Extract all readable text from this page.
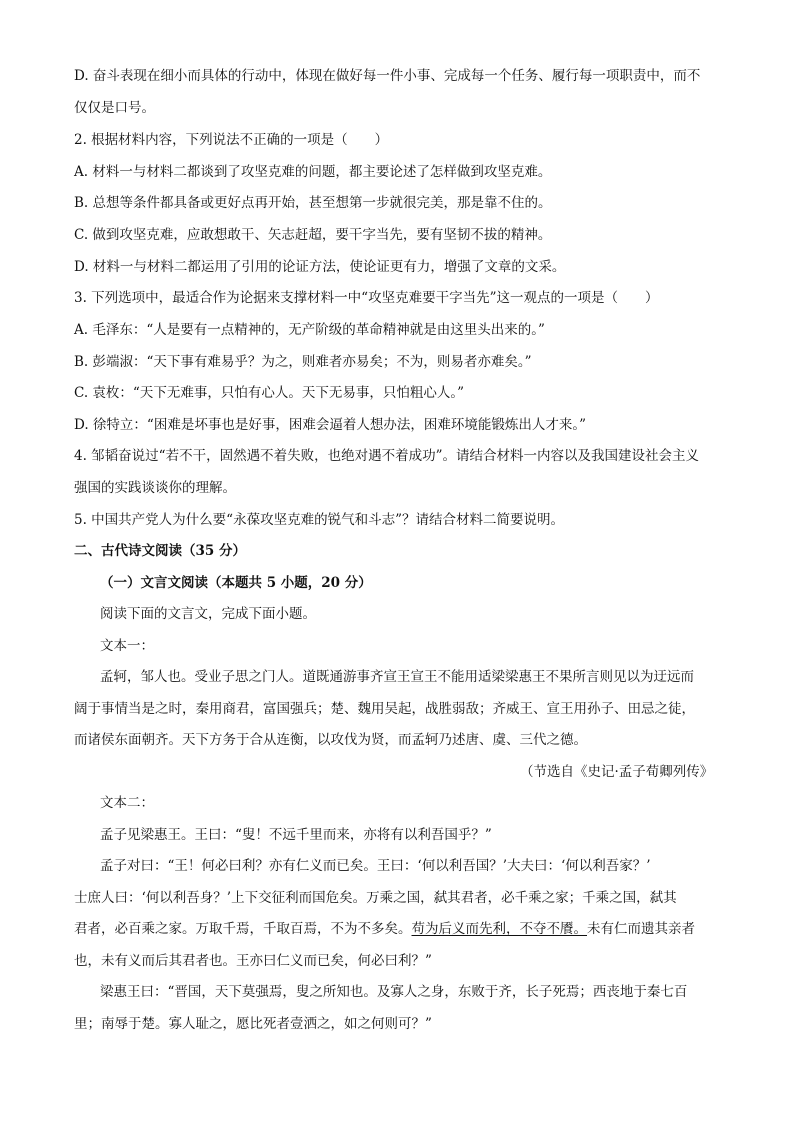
D. 奋斗表现在细小而具体的行动中，体现在做好每一件小事、完成每一个任务、履行每一项职责中，而不
仅仅是口号。
2. 根据材料内容，下列说法不正确的一项是（　　）
A. 材料一与材料二都谈到了攻坚克难的问题，都主要论述了怎样做到攻坚克难。
B. 总想等条件都具备或更好点再开始，甚至想第一步就很完美，那是靠不住的。
C. 做到攻坚克难，应敢想敢干、矢志赶超，要干字当先，要有坚韧不拔的精神。
D. 材料一与材料二都运用了引用的论证方法，使论证更有力，增强了文章的文采。
3. 下列选项中，最适合作为论据来支撑材料一中“攻坚克难要干字当先”这一观点的一项是（　　）
A. 毛泽东：“人是要有一点精神的，无产阶级的革命精神就是由这里头出来的。”
B. 彭端淑：“天下事有难易乎？为之，则难者亦易矣；不为，则易者亦难矣。”
C. 袁枚：“天下无难事，只怕有心人。天下无易事，只怕粗心人。”
D. 徐特立：“困难是坏事也是好事，困难会逼着人想办法，困难环境能锻炼出人才来。”
4. 邹韬奋说过“若不干，固然遇不着失败，也绝对遇不着成功”。请结合材料一内容以及我国建设社会主义
强国的实践谈谈你的理解。
5. 中国共产党人为什么要“永葆攻坚克难的锐气和斗志”？请结合材料二简要说明。
二、古代诗文阅读（35 分）
（一）文言文阅读（本题共 5 小题，20 分）
阅读下面的文言文，完成下面小题。
文本一：
孟轲，邹人也。受业子思之门人。道既通游事齐宣王宣王不能用适梁梁惠王不果所言则见以为迂远而
阔于事情当是之时，秦用商君，富国强兵；楚、魏用吴起，战胜弱敌；齐威王、宣王用孙子、田忌之徒，
而诸侯东面朝齐。天下方务于合从连衡，以攻伐为贤，而孟轲乃述唐、虞、三代之德。
（节选自《史记·孟子荀卿列传》
文本二：
孟子见梁惠王。王曰：“叟！不远千里而来，亦将有以利吾国乎？”
孟子对曰：“王！何必曰利？亦有仁义而已矣。王曰：‘何以利吾国？’大夫曰：‘何以利吾家？’
士庶人曰：‘何以利吾身？’上下交征利而国危矣。万乘之国，弑其君者，必千乘之家；千乘之国，弑其
君者，必百乘之家。万取千焉，千取百焉，不为不多矣。苟为后义而先利，不夺不餍。未有仁而遗其亲者
也，未有义而后其君者也。王亦曰仁义而已矣，何必曰利？”
梁惠王曰：“晋国，天下莫强焉，叟之所知也。及寡人之身，东败于齐，长子死焉；西丧地于秦七百
里；南辱于楚。寡人耻之，愿比死者壹洒之，如之何则可？”
